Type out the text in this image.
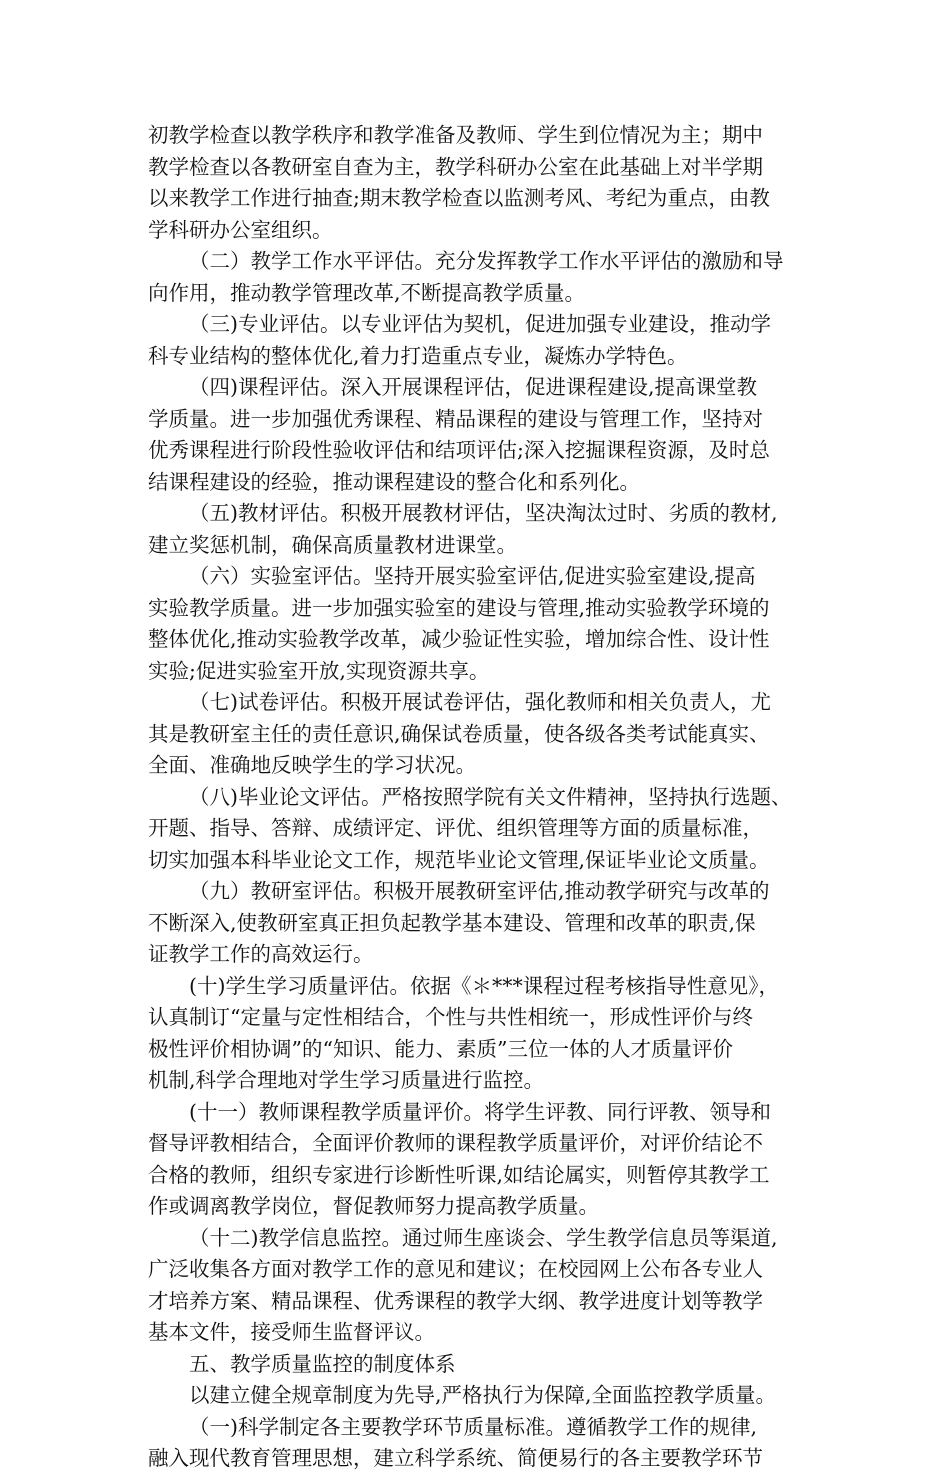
初教学检查以教学秩序和教学准备及教师、学生到位情况为主；期中
教学检查以各教研室自查为主，教学科研办公室在此基础上对半学期
以来教学工作进行抽查;期末教学检查以监测考风、考纪为重点，由教
学科研办公室组织。
（二）教学工作水平评估。充分发挥教学工作水平评估的激励和导
向作用，推动教学管理改革,不断提高教学质量。
（三)专业评估。以专业评估为契机，促进加强专业建设，推动学
科专业结构的整体优化,着力打造重点专业，凝炼办学特色。
（四)课程评估。深入开展课程评估，促进课程建设,提高课堂教
学质量。进一步加强优秀课程、精品课程的建设与管理工作，坚持对
优秀课程进行阶段性验收评估和结项评估;深入挖掘课程资源，及时总
结课程建设的经验，推动课程建设的整合化和系列化。
（五)教材评估。积极开展教材评估，坚决淘汰过时、劣质的教材,
建立奖惩机制，确保高质量教材进课堂。
（六）实验室评估。坚持开展实验室评估,促进实验室建设,提高
实验教学质量。进一步加强实验室的建设与管理,推动实验教学环境的
整体优化,推动实验教学改革，减少验证性实验，增加综合性、设计性
实验;促进实验室开放,实现资源共享。
（七)试卷评估。积极开展试卷评估，强化教师和相关负责人，尤
其是教研室主任的责任意识,确保试卷质量，使各级各类考试能真实、
全面、准确地反映学生的学习状况。
（八)毕业论文评估。严格按照学院有关文件精神，坚持执行选题、
开题、指导、答辩、成绩评定、评优、组织管理等方面的质量标准，
切实加强本科毕业论文工作，规范毕业论文管理,保证毕业论文质量。
（九）教研室评估。积极开展教研室评估,推动教学研究与改革的
不断深入,使教研室真正担负起教学基本建设、管理和改革的职责,保
证教学工作的高效运行。
(十)学生学习质量评估。依据《＊***课程过程考核指导性意见》，
认真制订“定量与定性相结合，个性与共性相统一，形成性评价与终
极性评价相协调”的“知识、能力、素质”三位一体的人才质量评价
机制,科学合理地对学生学习质量进行监控。
(十一）教师课程教学质量评价。将学生评教、同行评教、领导和
督导评教相结合，全面评价教师的课程教学质量评价，对评价结论不
合格的教师，组织专家进行诊断性听课,如结论属实，则暂停其教学工
作或调离教学岗位，督促教师努力提高教学质量。
（十二)教学信息监控。通过师生座谈会、学生教学信息员等渠道,
广泛收集各方面对教学工作的意见和建议；在校园网上公布各专业人
才培养方案、精品课程、优秀课程的教学大纲、教学进度计划等教学
基本文件，接受师生监督评议。
五、教学质量监控的制度体系
以建立健全规章制度为先导,严格执行为保障,全面监控教学质量。
（一)科学制定各主要教学环节质量标准。遵循教学工作的规律,
融入现代教育管理思想，建立科学系统、简便易行的各主要教学环节
